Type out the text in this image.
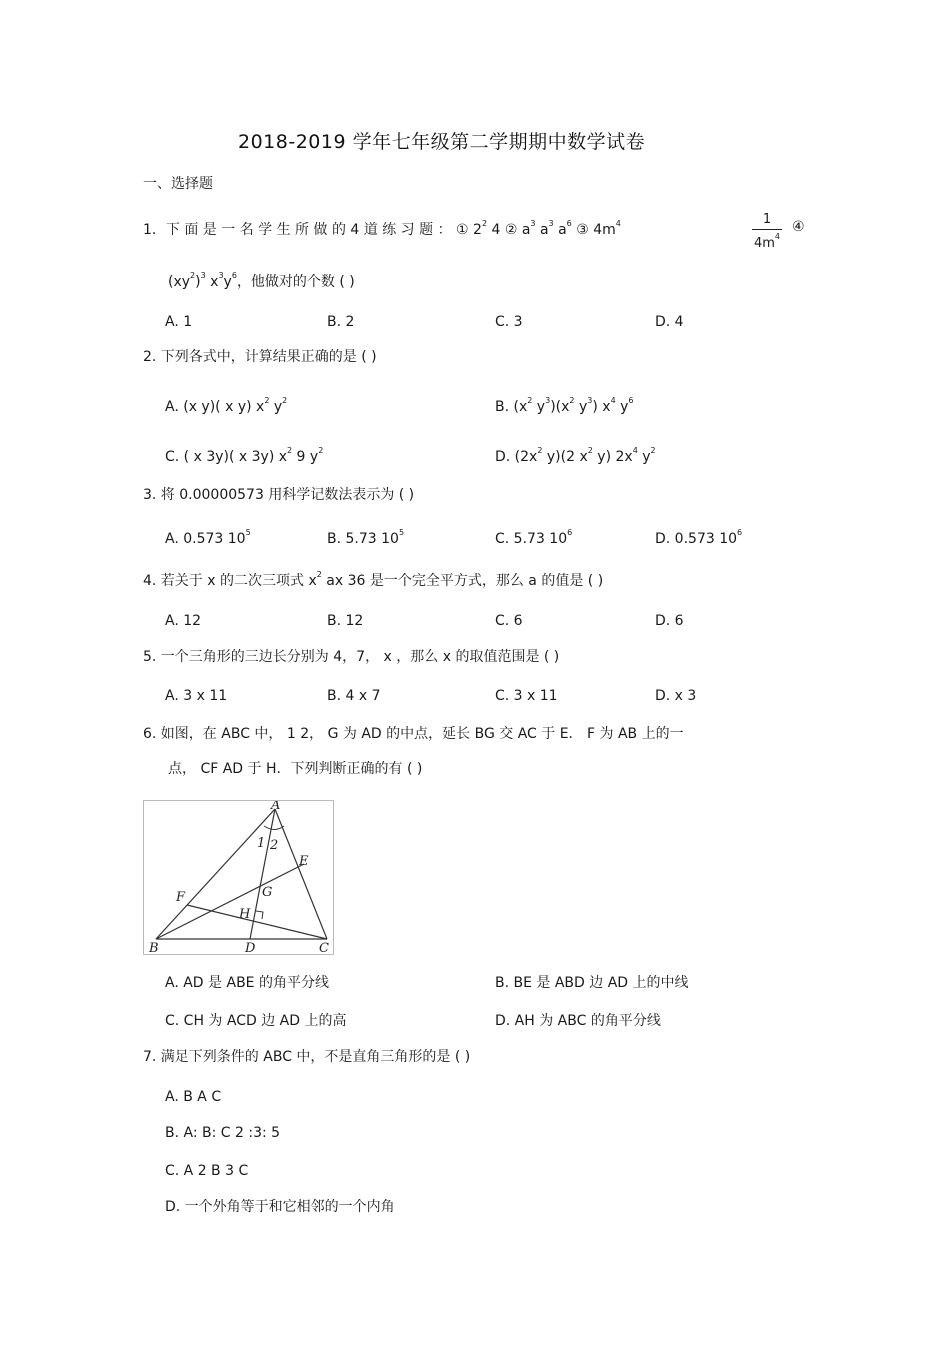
2018-2019 学年七年级第二学期期中数学试卷
一、选择题
1．下 面 是 一 名 学 生 所 做 的 4 道 练 习 题 ： ① $2^2$ 4 ② $a^3$ $a^3$ $a^6$ ③ $4m^4$	1
$4m^4$
④
$(xy^2)^3$ $x^3y^6$，他做对的个数 ( )
A. 1	B. 2	C. 3	D. 4
2. 下列各式中，计算结果正确的是 ( )
A. (x y)( x y) $x^2$ $y^2$	B. ($x^2$ $y^3)(x^2$ $y^3$) $x^4$ $y^6$
C. ( x 3y)( x 3y) $x^2$ 9 $y^2$	D. ($2x^2$ y)(2 $x^2$ y) $2x^4$ $y^2$
3. 将 0.00000573 用科学记数法表示为 ( )
A. 0.573 $10^5$	B. 5.73 $10^5$	C. 5.73 $10^6$	D. 0.573 $10^6$
4. 若关于 x 的二次三项式 $x^2$ ax 36 是一个完全平方式，那么 a 的值是 ( )
A. 12	B. 12	C. 6	D. 6
5. 一个三角形的三边长分别为 4，7， x ，那么 x 的取值范围是 ( )
A. 3 x 11	B. 4 x 7	C. 3 x 11	D. x 3
6. 如图，在 ABC 中， 1 2， G 为 AD 的中点，延长 BG 交 AC 于 E． F 为 AB 上的一
点， CF AD 于 H．下列判断正确的有 ( )
A
1 2
E
F	G
H
B	D	C
A. AD 是 ABE 的角平分线	B. BE 是 ABD 边 AD 上的中线
C. CH 为 ACD 边 AD 上的高	D. AH 为 ABC 的角平分线
7. 满足下列条件的 ABC 中，不是直角三角形的是 ( )
A. B A C
B. A: B: C 2 :3: 5
C. A 2 B 3 C
D. 一个外角等于和它相邻的一个内角
